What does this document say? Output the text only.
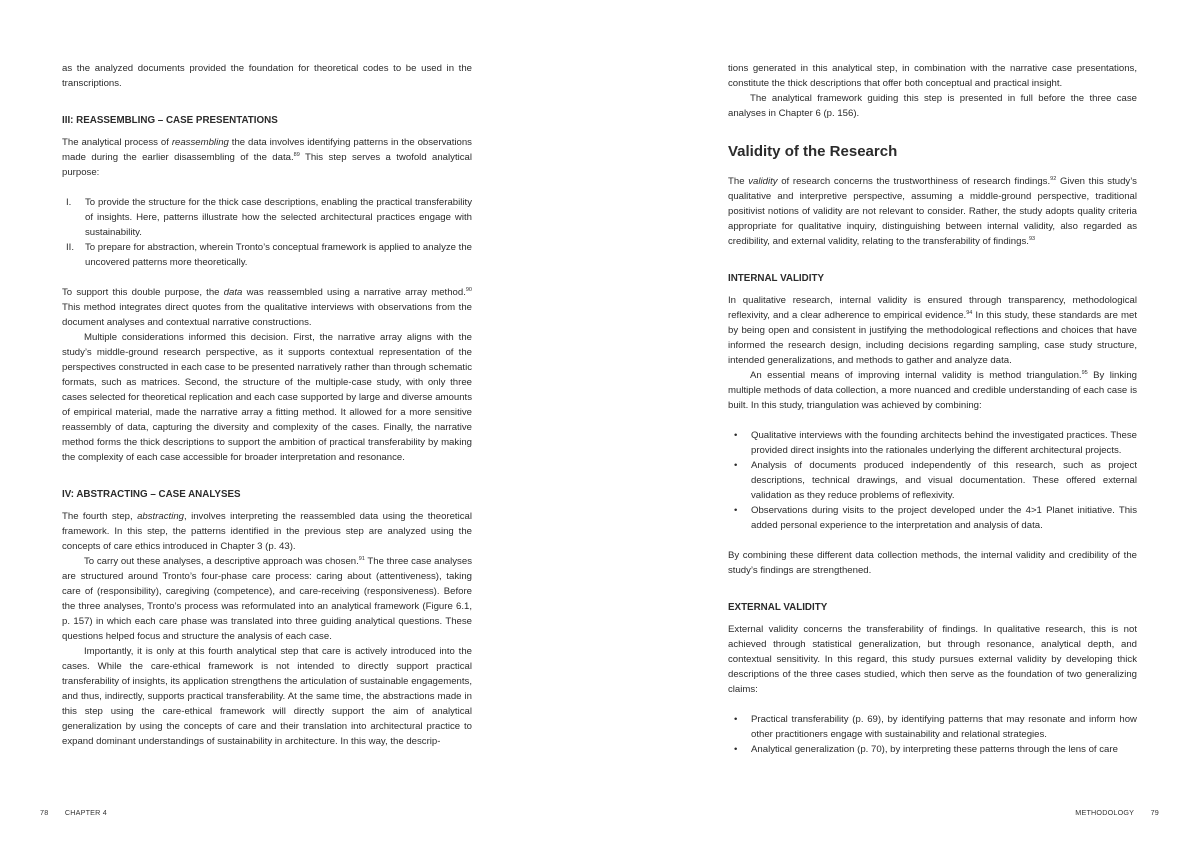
as the analyzed documents provided the foundation for theoretical codes to be used in the transcriptions.

III: REASSEMBLING – CASE PRESENTATIONS

The analytical process of reassembling the data involves identifying patterns in the observations made during the earlier disassembling of the data.$^{89}$ This step serves a twofold analytical purpose:

I. To provide the structure for the thick case descriptions, enabling the practical transferability of insights. Here, patterns illustrate how the selected architectural practices engage with sustainability.
II. To prepare for abstraction, wherein Tronto’s conceptual framework is applied to analyze the uncovered patterns more theoretically.

To support this double purpose, the data was reassembled using a narrative array method.$^{90}$ This method integrates direct quotes from the qualitative interviews with observations from the document analyses and contextual narrative constructions.

Multiple considerations informed this decision. First, the narrative array aligns with the study’s middle-ground research perspective, as it supports contextual representation of the perspectives constructed in each case to be presented narratively rather than through schematic formats, such as matrices. Second, the structure of the multiple-case study, with only three cases selected for theoretical replication and each case supported by large and diverse amounts of empirical material, made the narrative array a fitting method. It allowed for a more sensitive reassembly of data, capturing the diversity and complexity of the cases. Finally, the narrative method forms the thick descriptions to support the ambition of practical transferability by making the complexity of each case accessible for broader interpretation and resonance.

IV: ABSTRACTING – CASE ANALYSES

The fourth step, abstracting, involves interpreting the reassembled data using the theoretical framework. In this step, the patterns identified in the previous step are analyzed using the concepts of care ethics introduced in Chapter 3 (p. 43).

To carry out these analyses, a descriptive approach was chosen.$^{91}$ The three case analyses are structured around Tronto’s four-phase care process: caring about (attentiveness), taking care of (responsibility), caregiving (competence), and care-receiving (responsiveness). Before the three analyses, Tronto’s process was reformulated into an analytical framework (Figure 6.1, p. 157) in which each care phase was translated into three guiding analytical questions. These questions helped focus and structure the analysis of each case.

Importantly, it is only at this fourth analytical step that care is actively introduced into the cases. While the care-ethical framework is not intended to directly support practical transferability of insights, its application strengthens the articulation of sustainable engagements, and thus, indirectly, supports practical transferability. At the same time, the abstractions made in this step using the care-ethical framework will directly support the aim of analytical generalization by using the concepts of care and their translation into architectural practice to expand dominant understandings of sustainability in architecture. In this way, the descrip-

78 CHAPTER 4

tions generated in this analytical step, in combination with the narrative case presentations, constitute the thick descriptions that offer both conceptual and practical insight.

The analytical framework guiding this step is presented in full before the three case analyses in Chapter 6 (p. 156).

Validity of the Research

The validity of research concerns the trustworthiness of research findings.$^{92}$ Given this study’s qualitative and interpretive perspective, assuming a middle-ground perspective, traditional positivist notions of validity are not relevant to consider. Rather, the study adopts quality criteria appropriate for qualitative inquiry, distinguishing between internal validity, also regarded as credibility, and external validity, relating to the transferability of findings.$^{93}$

INTERNAL VALIDITY

In qualitative research, internal validity is ensured through transparency, methodological reflexivity, and a clear adherence to empirical evidence.$^{94}$ In this study, these standards are met by being open and consistent in justifying the methodological reflections and choices that have informed the research design, including decisions regarding sampling, case study structure, intended generalizations, and methods to gather and analyze data.

An essential means of improving internal validity is method triangulation.$^{95}$ By linking multiple methods of data collection, a more nuanced and credible understanding of each case is built. In this study, triangulation was achieved by combining:

• Qualitative interviews with the founding architects behind the investigated practices. These provided direct insights into the rationales underlying the different architectural projects.
• Analysis of documents produced independently of this research, such as project descriptions, technical drawings, and visual documentation. These offered external validation as they reduce problems of reflexivity.
• Observations during visits to the project developed under the 4>1 Planet initiative. This added personal experience to the interpretation and analysis of data.

By combining these different data collection methods, the internal validity and credibility of the study’s findings are strengthened.

EXTERNAL VALIDITY

External validity concerns the transferability of findings. In qualitative research, this is not achieved through statistical generalization, but through resonance, analytical depth, and contextual sensitivity. In this regard, this study pursues external validity by developing thick descriptions of the three cases studied, which then serve as the foundation of two generalizing claims:

• Practical transferability (p. 69), by identifying patterns that may resonate and inform how other practitioners engage with sustainability and relational strategies.
• Analytical generalization (p. 70), by interpreting these patterns through the lens of care
METHODOLOGY 79
